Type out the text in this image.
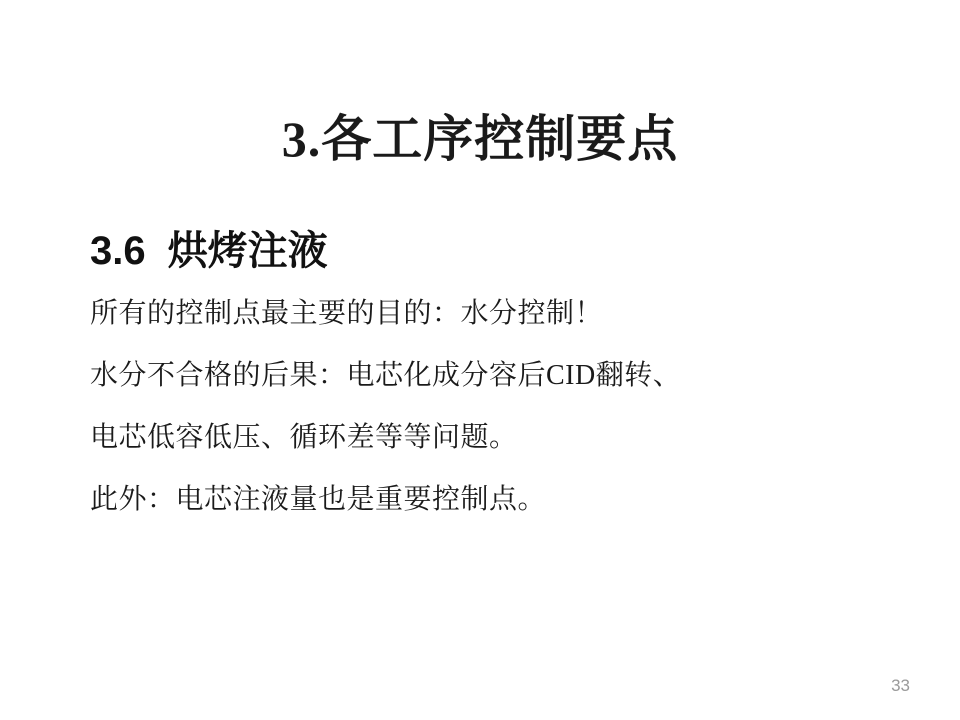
3.各工序控制要点
3.6 烘烤注液

所有的控制点最主要的目的：水分控制！

水分不合格的后果：电芯化成分容后CID翻转、

电芯低容低压、循环差等等问题。

此外：电芯注液量也是重要控制点。

33
